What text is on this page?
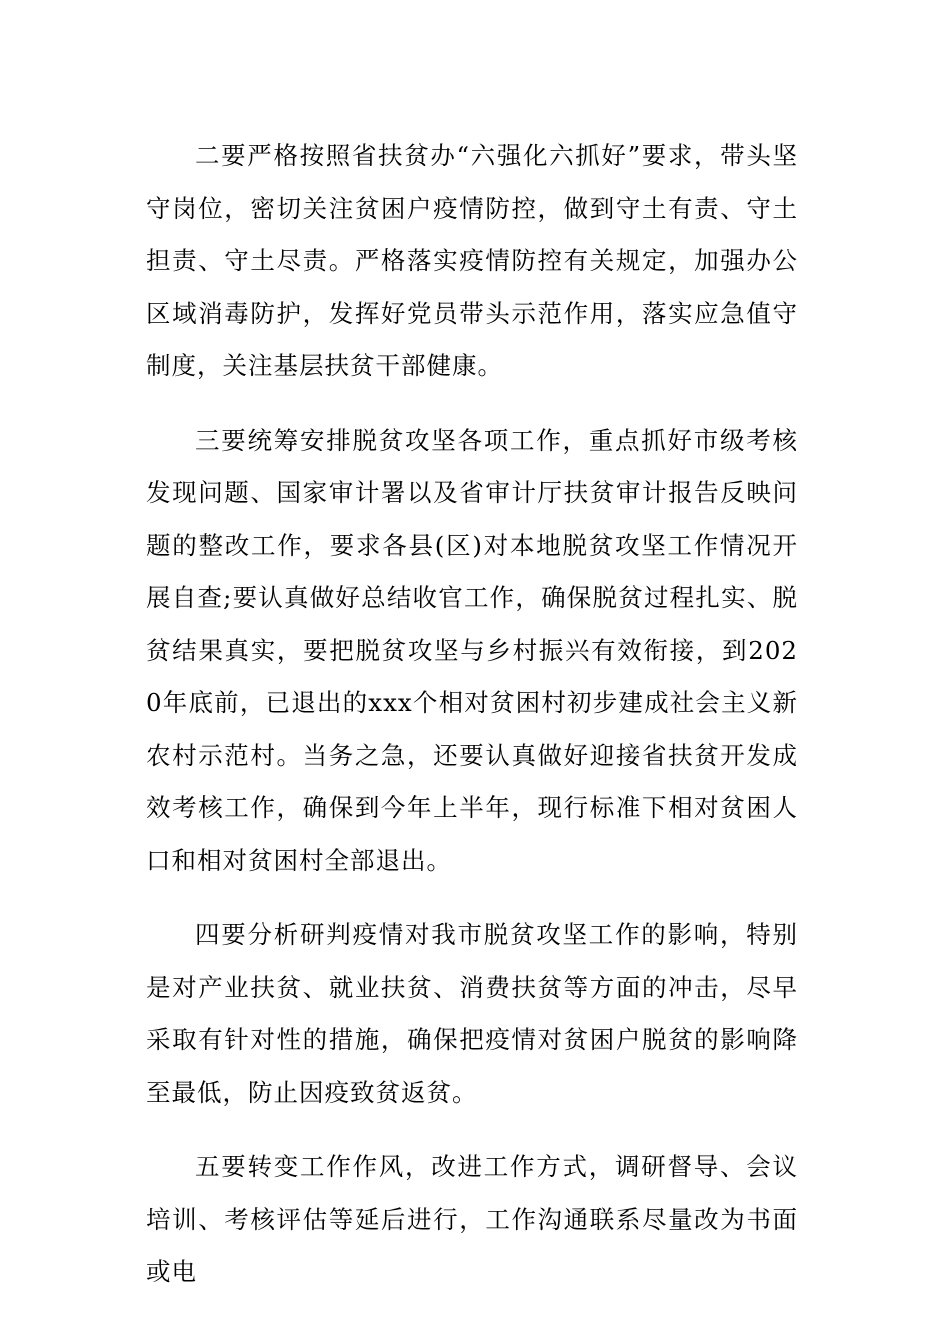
二要严格按照省扶贫办“六强化六抓好”要求，带头坚守岗位，密切关注贫困户疫情防控，做到守土有责、守土担责、守土尽责。严格落实疫情防控有关规定，加强办公区域消毒防护，发挥好党员带头示范作用，落实应急值守制度，关注基层扶贫干部健康。

三要统筹安排脱贫攻坚各项工作，重点抓好市级考核发现问题、国家审计署以及省审计厅扶贫审计报告反映问题的整改工作，要求各县(区)对本地脱贫攻坚工作情况开展自查;要认真做好总结收官工作，确保脱贫过程扎实、脱贫结果真实，要把脱贫攻坚与乡村振兴有效衔接，到2020年底前，已退出的xxx个相对贫困村初步建成社会主义新农村示范村。当务之急，还要认真做好迎接省扶贫开发成效考核工作，确保到今年上半年，现行标准下相对贫困人口和相对贫困村全部退出。

四要分析研判疫情对我市脱贫攻坚工作的影响，特别是对产业扶贫、就业扶贫、消费扶贫等方面的冲击，尽早采取有针对性的措施，确保把疫情对贫困户脱贫的影响降至最低，防止因疫致贫返贫。

五要转变工作作风，改进工作方式，调研督导、会议培训、考核评估等延后进行，工作沟通联系尽量改为书面或电
